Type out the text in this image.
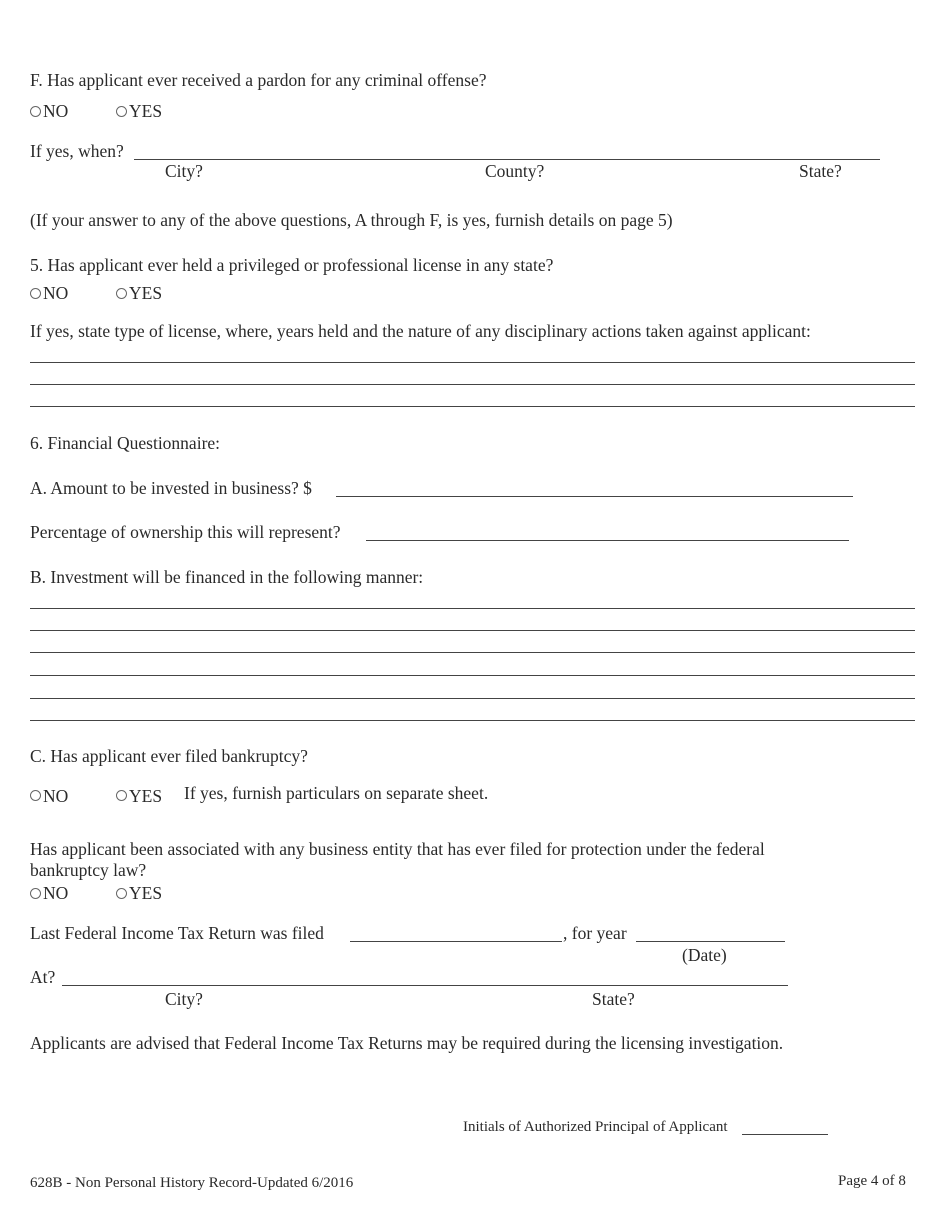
F. Has applicant ever received a pardon for any criminal offense?
NO	YES
If yes, when?
City?	County?	State?
(If your answer to any of the above questions, A through F, is yes, furnish details on page 5)
5. Has applicant ever held a privileged or professional license in any state?
NO	YES
If yes, state type of license, where, years held and the nature of any disciplinary actions taken against applicant:
6. Financial Questionnaire:
A. Amount to be invested in business? $
Percentage of ownership this will represent?
B. Investment will be financed in the following manner:
C. Has applicant ever filed bankruptcy?
NO	YES If yes, furnish particulars on separate sheet.
Has applicant been associated with any business entity that has ever filed for protection under the federal
bankruptcy law?
NO	YES
Last Federal Income Tax Return was filed	, for year
(Date)
At?
City?	State?
Applicants are advised that Federal Income Tax Returns may be required during the licensing investigation.
Initials of Authorized Principal of Applicant
628B - Non Personal History Record-Updated 6/2016	Page 4 of 8
